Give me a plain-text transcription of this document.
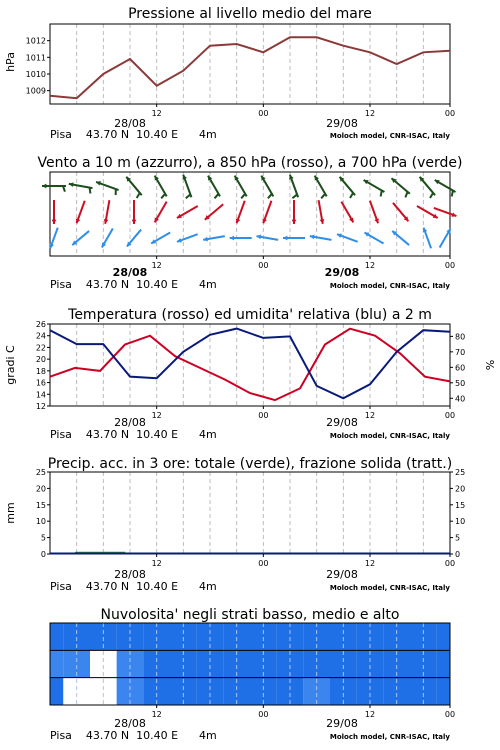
Pressione al livello medio del mare
hPa
1009
1010
1011
1012
12	00	12	00
28/08	29/08
Pisa    43.70 N  10.40 E      4m	Moloch model, CNR-ISAC, Italy
Vento a 10 m (azzurro), a 850 hPa (rosso), a 700 hPa (verde)
12	00	12	00
28/08	29/08
Pisa    43.70 N  10.40 E      4m	Moloch model, CNR-ISAC, Italy
Temperatura (rosso) ed umidita' relativa (blu) a 2 m
gradi C	%
12
14
16
18
20
22
24
26
40
50
60
70
80
12	00	12	00
28/08	29/08
Pisa    43.70 N  10.40 E      4m	Moloch model, CNR-ISAC, Italy
Precip. acc. in 3 ore: totale (verde), frazione solida (tratt.)
mm
0
5
10
15
20
25
0
5
10
15
20
25
12	00	12	00
28/08	29/08
Pisa    43.70 N  10.40 E      4m	Moloch model, CNR-ISAC, Italy
Nuvolosita' negli strati basso, medio e alto
12	00	12	00
28/08	29/08
Pisa    43.70 N  10.40 E      4m	Moloch model, CNR-ISAC, Italy
